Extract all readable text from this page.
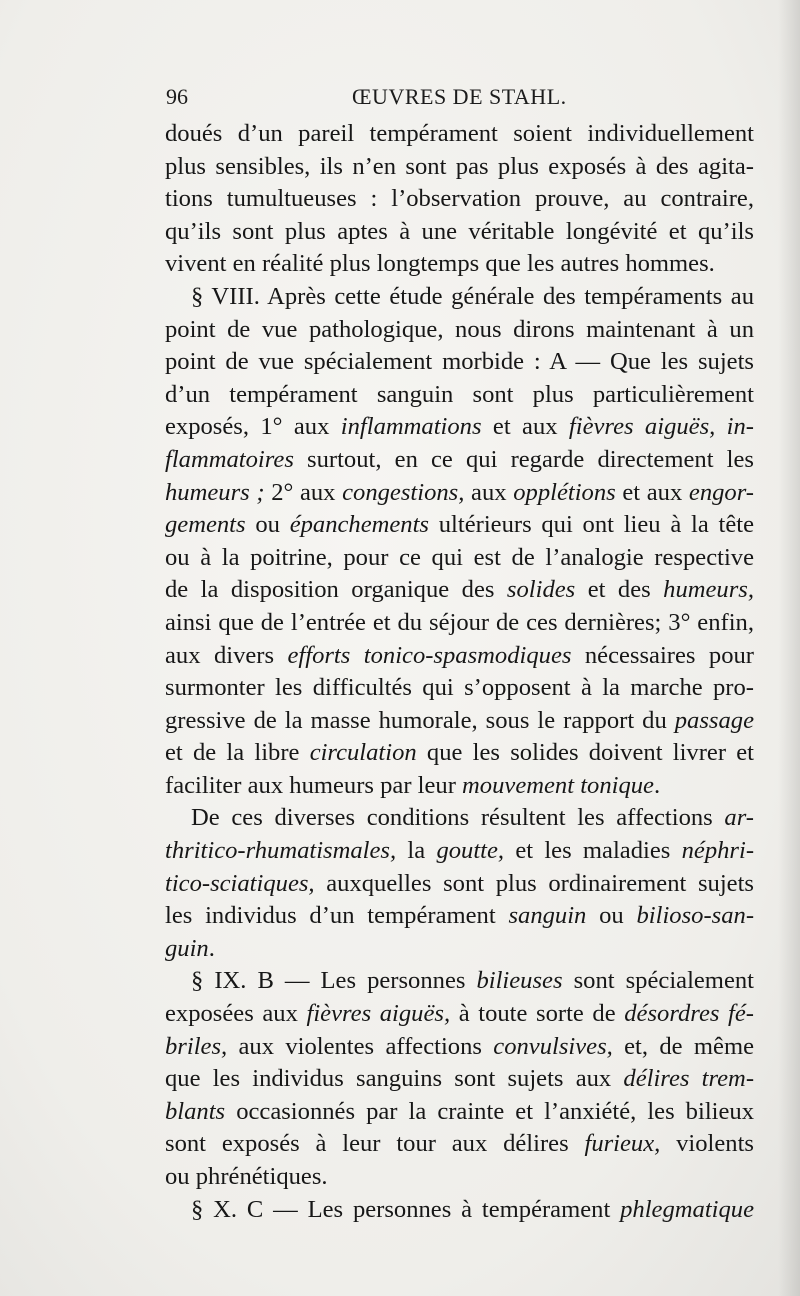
96	ŒUVRES DE STAHL.
doués d’un pareil tempérament soient individuellement
plus sensibles, ils n’en sont pas plus exposés à des agita-
tions tumultueuses : l’observation prouve, au contraire,
qu’ils sont plus aptes à une véritable longévité et qu’ils
vivent en réalité plus longtemps que les autres hommes.
§ VIII. Après cette étude générale des tempéraments au
point de vue pathologique, nous dirons maintenant à un
point de vue spécialement morbide : A — Que les sujets
d’un tempérament sanguin sont plus particulièrement
exposés, 1° aux inflammations et aux fièvres aiguës, in-
flammatoires surtout, en ce qui regarde directement les
humeurs ; 2° aux congestions, aux opplétions et aux engor-
gements ou épanchements ultérieurs qui ont lieu à la tête
ou à la poitrine, pour ce qui est de l’analogie respective
de la disposition organique des solides et des humeurs,
ainsi que de l’entrée et du séjour de ces dernières; 3° enfin,
aux divers efforts tonico-spasmodiques nécessaires pour
surmonter les difficultés qui s’opposent à la marche pro-
gressive de la masse humorale, sous le rapport du passage
et de la libre circulation que les solides doivent livrer et
faciliter aux humeurs par leur mouvement tonique.
De ces diverses conditions résultent les affections ar-
thritico-rhumatismales, la goutte, et les maladies néphri-
tico-sciatiques, auxquelles sont plus ordinairement sujets
les individus d’un tempérament sanguin ou bilioso-san-
guin.
§ IX. B — Les personnes bilieuses sont spécialement
exposées aux fièvres aiguës, à toute sorte de désordres fé-
briles, aux violentes affections convulsives, et, de même
que les individus sanguins sont sujets aux délires trem-
blants occasionnés par la crainte et l’anxiété, les bilieux
sont exposés à leur tour aux délires furieux, violents
ou phrénétiques.
§ X. C — Les personnes à tempérament phlegmatique
